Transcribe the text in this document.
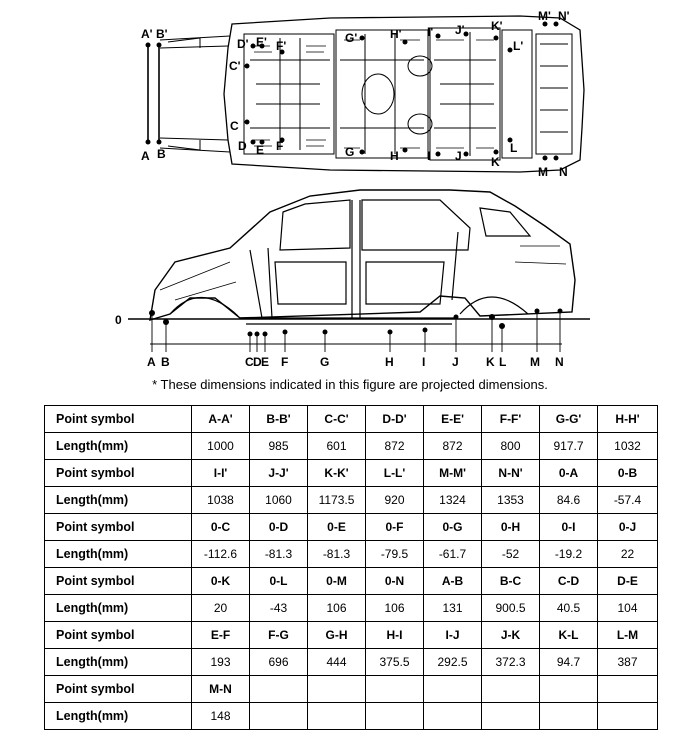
A' B'
C'
D' E' F'
G'	H' I' J' K'
L'
M' N'
A B
C
D E F	G	H I J K
L
M N
0
A B	C D E F	G	H I J K L M N
* These dimensions indicated in this figure are projected dimensions.
Point symbol	A-A'	B-B'	C-C'	D-D'	E-E'	F-F'	G-G'	H-H'
Length(mm)	1000	985	601	872	872	800	917.7	1032
Point symbol	I-I'	J-J'	K-K'	L-L'	M-M'	N-N'	0-A	0-B
Length(mm)	1038	1060	1173.5	920	1324	1353	84.6	-57.4
Point symbol	0-C	0-D	0-E	0-F	0-G	0-H	0-I	0-J
Length(mm)	-112.6	-81.3	-81.3	-79.5	-61.7	-52	-19.2	22
Point symbol	0-K	0-L	0-M	0-N	A-B	B-C	C-D	D-E
Length(mm)	20	-43	106	106	131	900.5	40.5	104
Point symbol	E-F	F-G	G-H	H-I	I-J	J-K	K-L	L-M
Length(mm)	193	696	444	375.5	292.5	372.3	94.7	387
Point symbol	M-N							
Length(mm)	148							
